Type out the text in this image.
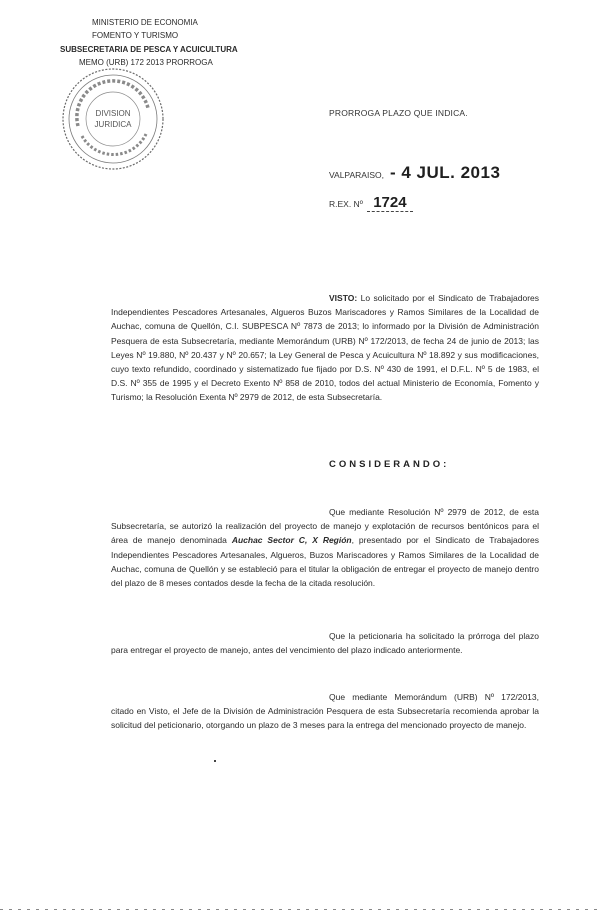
MINISTERIO DE ECONOMIA
FOMENTO Y TURISMO
SUBSECRETARIA DE PESCA Y ACUICULTURA
MEMO (URB) 172 2013 PRORROGA
DIVISION
JURIDICA
PRORROGA PLAZO QUE INDICA.
VALPARAISO, - 4 JUL. 2013
R.EX. Nº 1724
VISTO: Lo solicitado por el Sindicato de Trabajadores Independientes Pescadores Artesanales, Algueros Buzos Mariscadores y Ramos Similares de la Localidad de Auchac, comuna de Quellón, C.I. SUBPESCA Nº 7873 de 2013; lo informado por la División de Administración Pesquera de esta Subsecretaría, mediante Memorándum (URB) Nº 172/2013, de fecha 24 de junio de 2013; las Leyes Nº 19.880, Nº 20.437 y Nº 20.657; la Ley General de Pesca y Acuicultura Nº 18.892 y sus modificaciones, cuyo texto refundido, coordinado y sistematizado fue fijado por D.S. Nº 430 de 1991, el D.F.L. Nº 5 de 1983, el D.S. Nº 355 de 1995 y el Decreto Exento Nº 858 de 2010, todos del actual Ministerio de Economía, Fomento y Turismo; la Resolución Exenta Nº 2979 de 2012, de esta Subsecretaría.
CONSIDERANDO:
Que mediante Resolución Nº 2979 de 2012, de esta Subsecretaría, se autorizó la realización del proyecto de manejo y explotación de recursos bentónicos para el área de manejo denominada Auchac Sector C, X Región, presentado por el Sindicato de Trabajadores Independientes Pescadores Artesanales, Algueros, Buzos Mariscadores y Ramos Similares de la Localidad de Auchac, comuna de Quellón y se estableció para el titular la obligación de entregar el proyecto de manejo dentro del plazo de 8 meses contados desde la fecha de la citada resolución.
Que la peticionaria ha solicitado la prórroga del plazo para entregar el proyecto de manejo, antes del vencimiento del plazo indicado anteriormente.
Que mediante Memorándum (URB) Nº 172/2013, citado en Visto, el Jefe de la División de Administración Pesquera de esta Subsecretaría recomienda aprobar la solicitud del peticionario, otorgando un plazo de 3 meses para la entrega del mencionado proyecto de manejo.
